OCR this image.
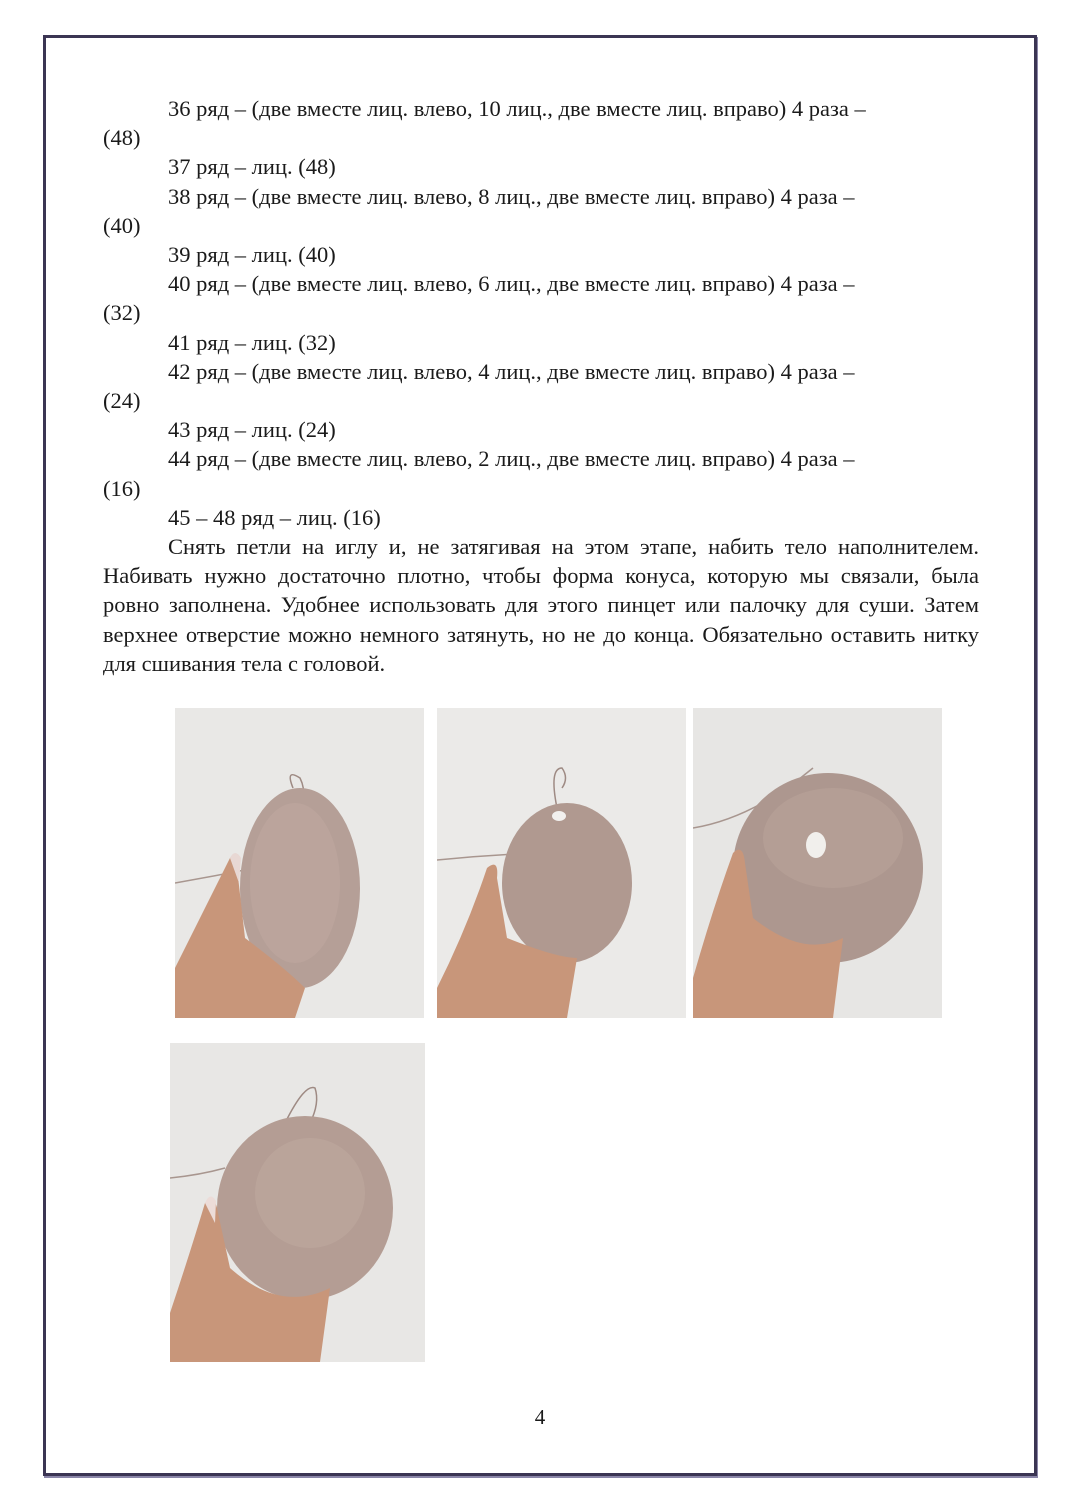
36 ряд – (две вместе лиц. влево, 10 лиц., две вместе лиц. вправо) 4 раза –

(48)

37 ряд – лиц. (48)

38 ряд – (две вместе лиц. влево, 8 лиц., две вместе лиц. вправо) 4 раза –

(40)

39 ряд – лиц. (40)

40 ряд – (две вместе лиц. влево, 6 лиц., две вместе лиц. вправо) 4 раза –

(32)

41 ряд – лиц. (32)

42 ряд – (две вместе лиц. влево, 4 лиц., две вместе лиц. вправо) 4 раза –

(24)

43 ряд – лиц. (24)

44 ряд – (две вместе лиц. влево, 2 лиц., две вместе лиц. вправо) 4 раза –

(16)

45 – 48 ряд – лиц. (16)

Снять петли на иглу и, не затягивая на этом этапе, набить тело наполнителем. Набивать нужно достаточно плотно, чтобы форма конуса, которую мы связали, была ровно заполнена. Удобнее использовать для этого пинцет или палочку для суши. Затем верхнее отверстие можно немного затянуть, но не до конца. Обязательно оставить нитку для сшивания тела с головой.

4
